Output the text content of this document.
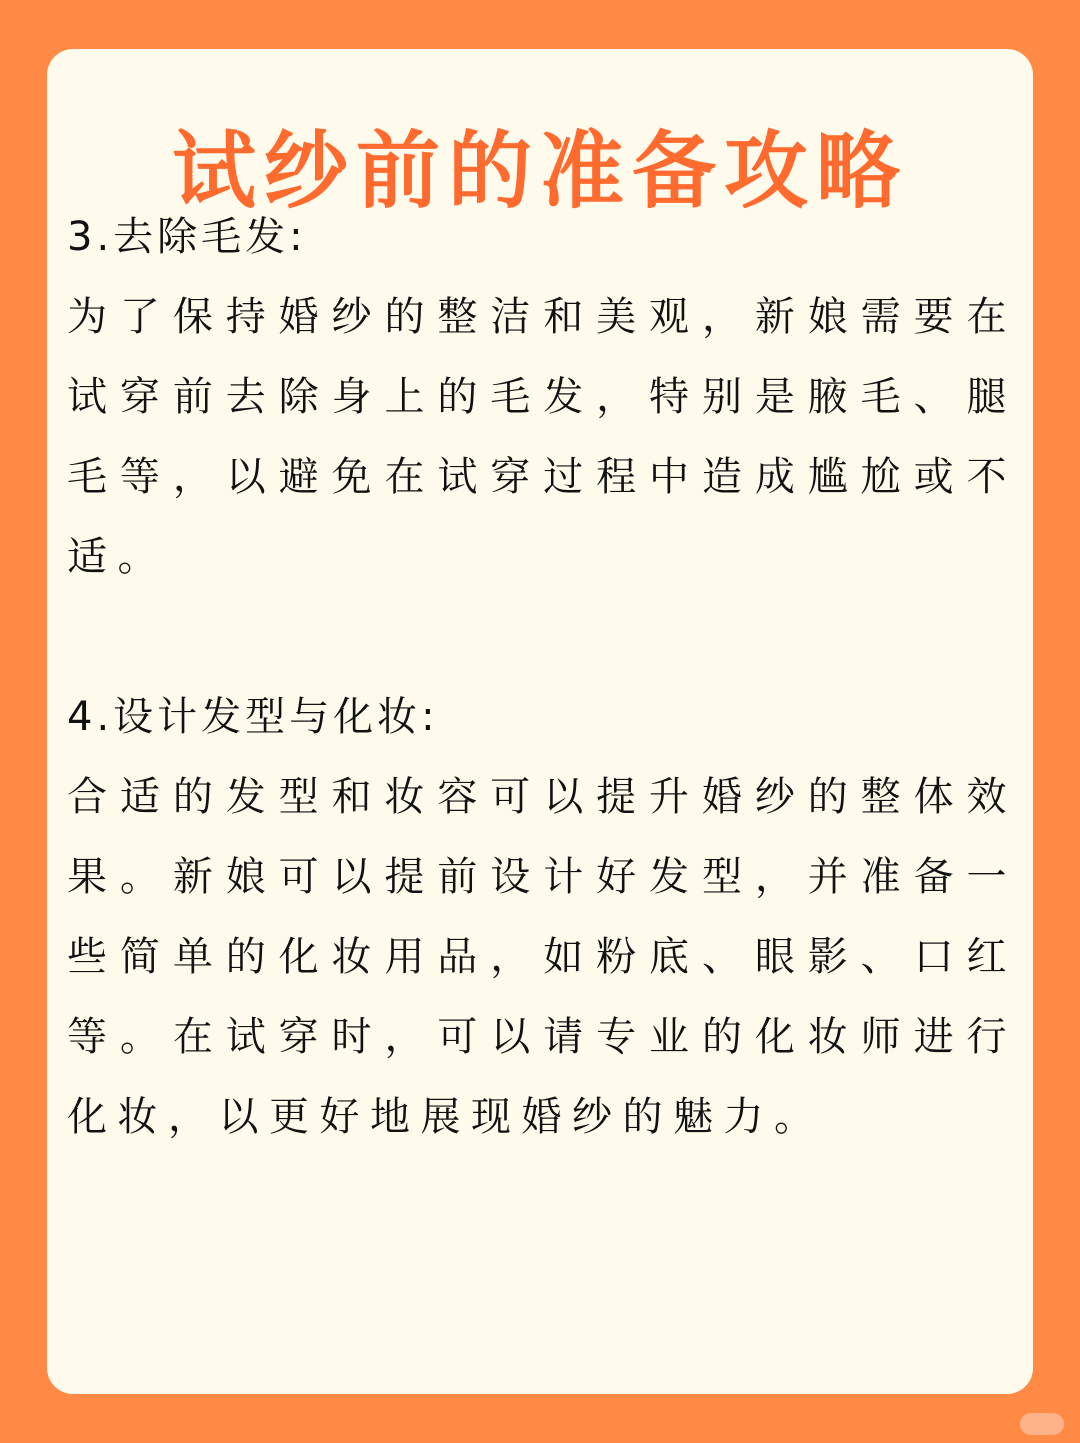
试纱前的准备攻略

3.去除毛发:

为了保持婚纱的整洁和美观，新娘需要在试穿前去除身上的毛发，特别是腋毛、腿毛等，以避免在试穿过程中造成尴尬或不适。

4.设计发型与化妆:

合适的发型和妆容可以提升婚纱的整体效果。新娘可以提前设计好发型，并准备一些简单的化妆用品，如粉底、眼影、口红等。在试穿时，可以请专业的化妆师进行化妆，以更好地展现婚纱的魅力。
